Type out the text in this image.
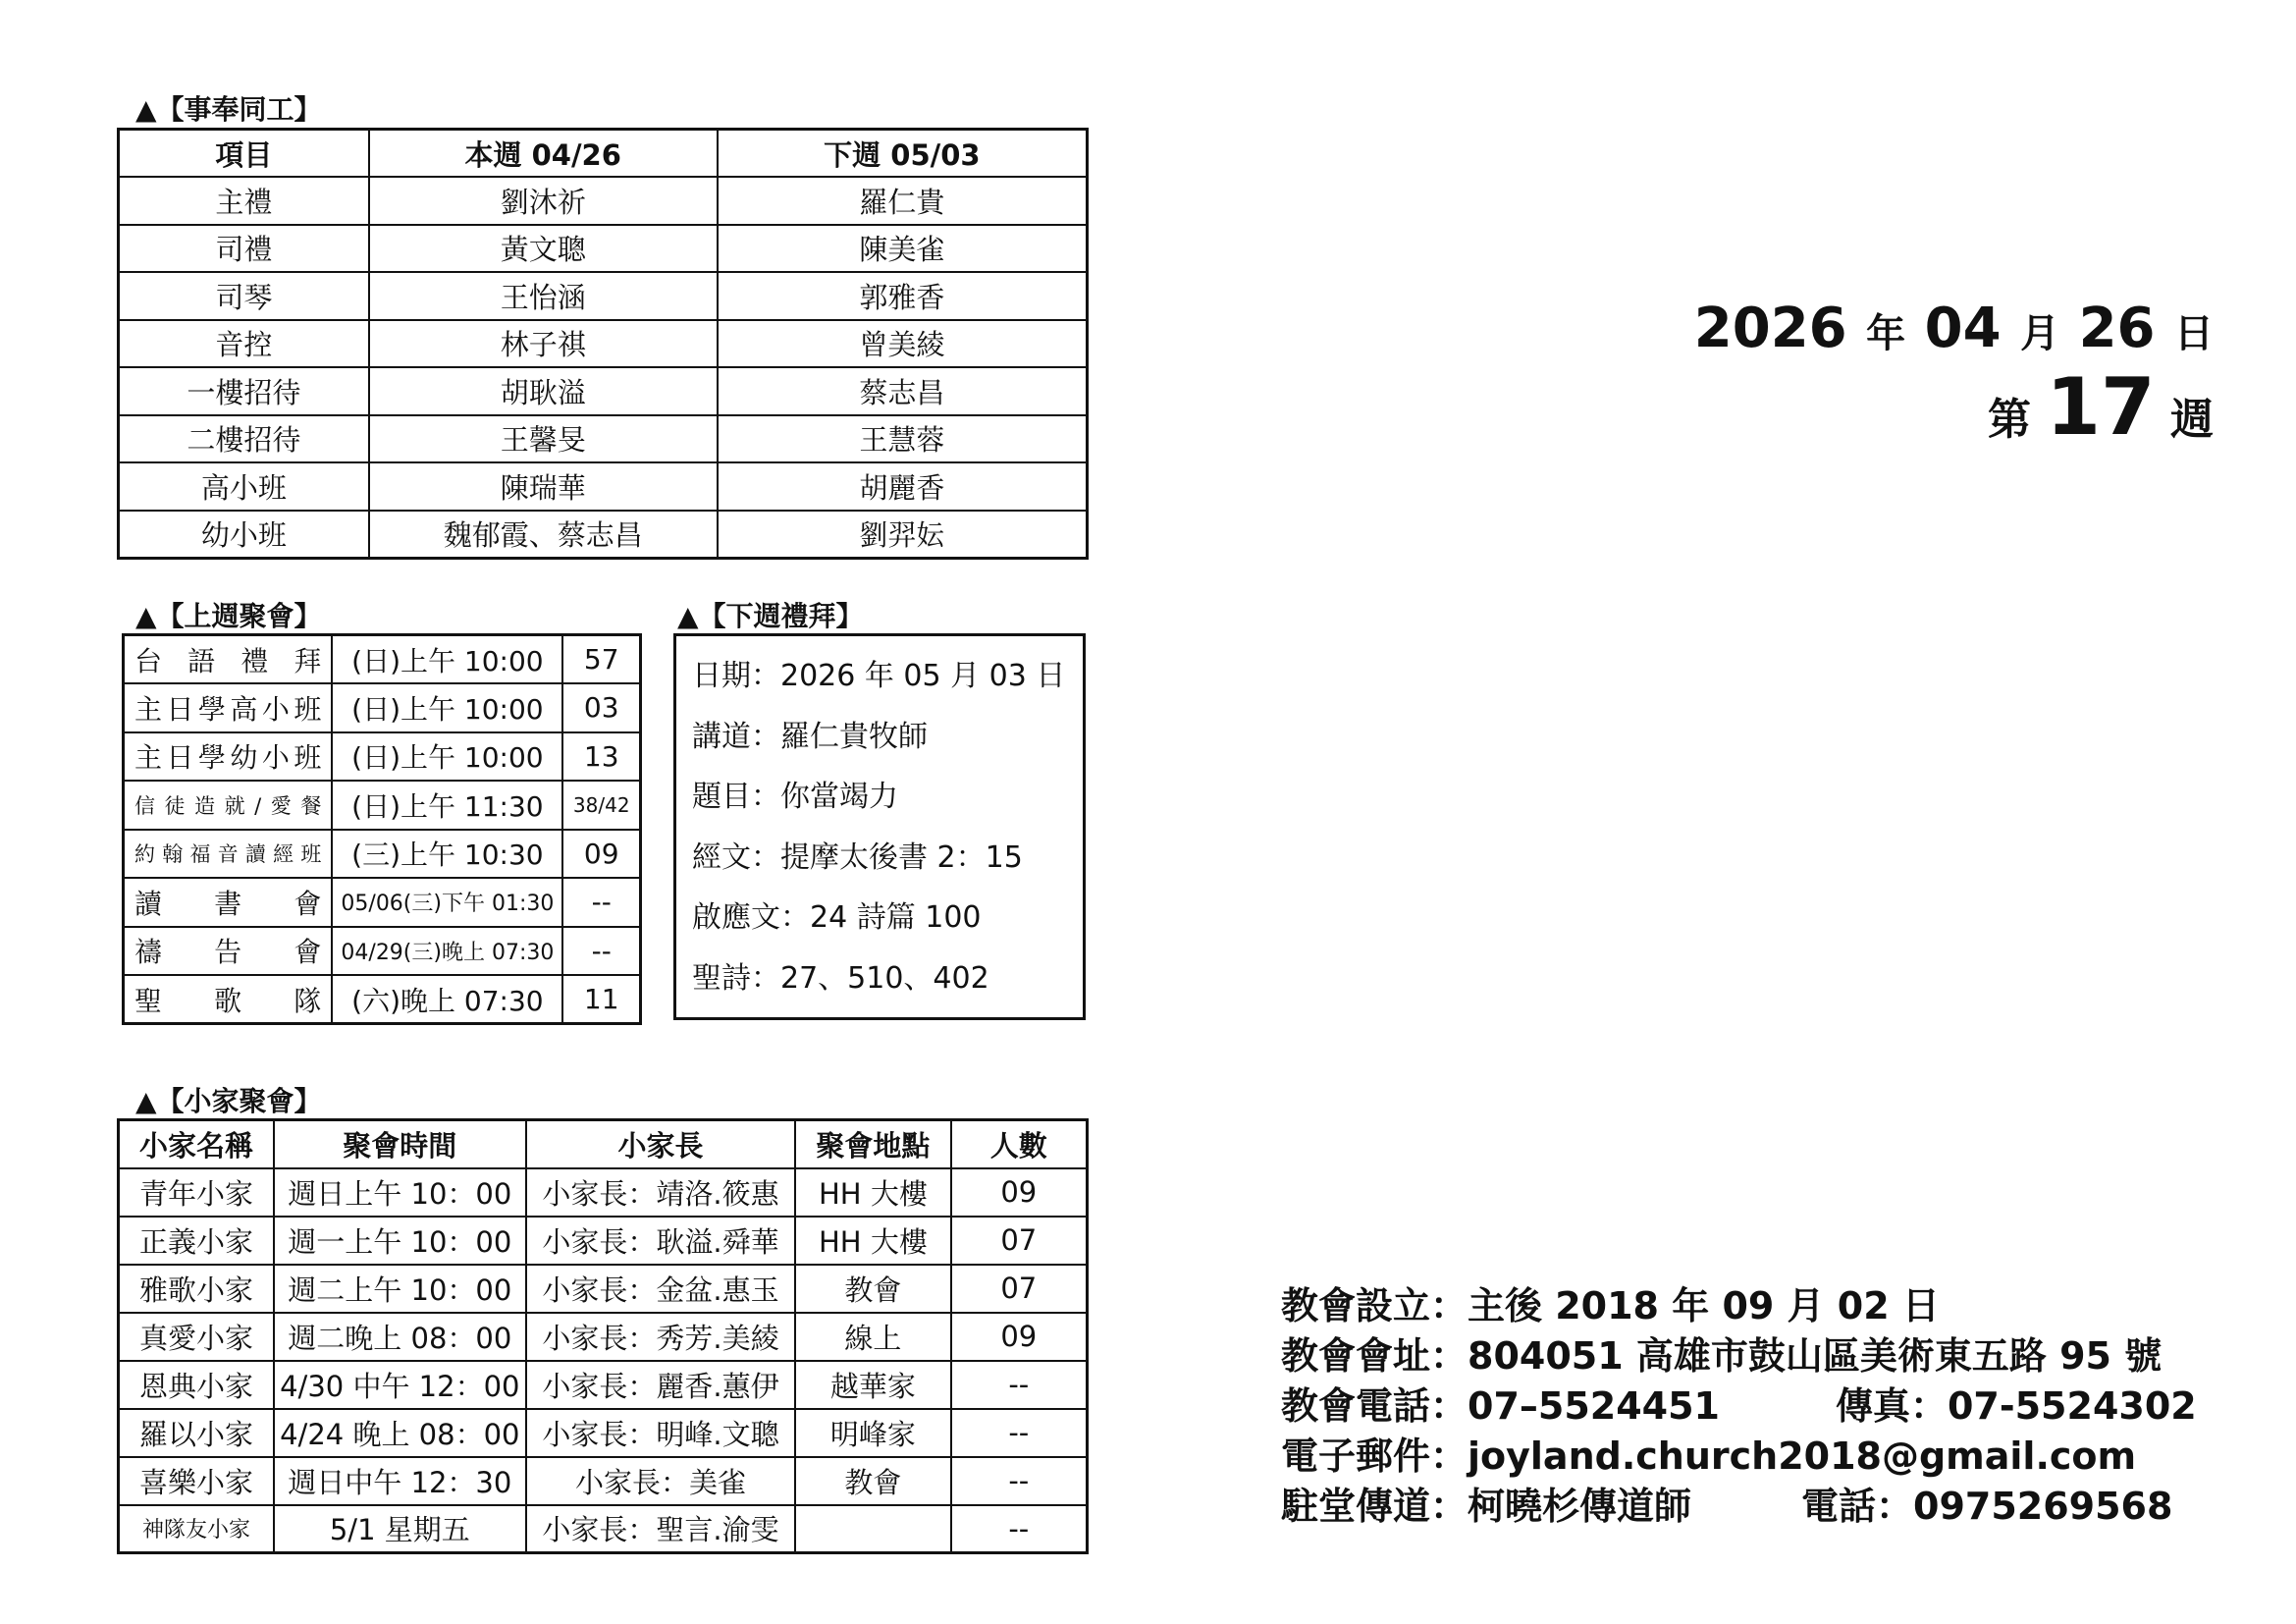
▲【事奉同工】
項目	本週 04/26	下週 05/03
主禮	劉沐祈	羅仁貴
司禮	黃文聰	陳美雀
司琴	王怡涵	郭雅香
音控	林子祺	曾美綾
一樓招待	胡耿溢	蔡志昌
二樓招待	王馨旻	王慧蓉
高小班	陳瑞華	胡麗香
幼小班	魏郁霞、蔡志昌	劉羿妘
▲【上週聚會】
台語禮拜	(日)上午 10:00	57
主日學高小班	(日)上午 10:00	03
主日學幼小班	(日)上午 10:00	13
信徒造就/愛餐	(日)上午 11:30	38/42
約翰福音讀經班	(三)上午 10:30	09
讀書會	05/06(三)下午 01:30	--
禱告會	04/29(三)晚上 07:30	--
聖歌隊	(六)晚上 07:30	11
▲【下週禮拜】
日期：2026 年 05 月 03 日
講道：羅仁貴牧師
題目：你當竭力
經文：提摩太後書 2：15
啟應文：24 詩篇 100
聖詩：27、510、402
▲【小家聚會】
小家名稱	聚會時間	小家長	聚會地點	人數
青年小家	週日上午 10：00	小家長：靖洛.筱惠	HH 大樓	09
正義小家	週一上午 10：00	小家長：耿溢.舜華	HH 大樓	07
雅歌小家	週二上午 10：00	小家長：金盆.惠玉	教會	07
真愛小家	週二晚上 08：00	小家長：秀芳.美綾	線上	09
恩典小家	4/30 中午 12：00	小家長：麗香.蕙伊	越華家	--
羅以小家	4/24 晚上 08：00	小家長：明峰.文聰	明峰家	--
喜樂小家	週日中午 12：30	小家長：美雀	教會	--
神隊友小家	5/1 星期五	小家長：聖言.渝雯		--
2026 年 04 月 26 日
第 17 週
教會設立：主後 2018 年 09 月 02 日
教會會址：804051 高雄市鼓山區美術東五路 95 號
教會電話：07–5524451	傳真：07-5524302
電子郵件：joyland.church2018@gmail.com
駐堂傳道：柯曉杉傳道師	電話：0975269568
